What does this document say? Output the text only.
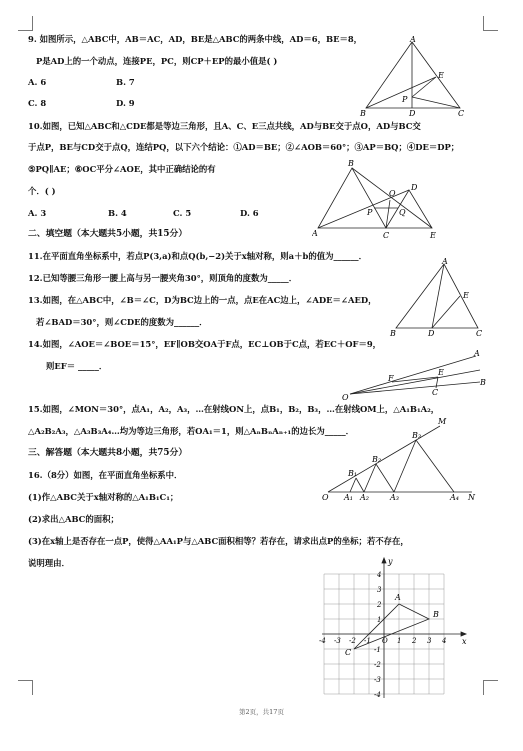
9. 如图所示，△ABC中，AB＝AC，AD，BE是△ABC的两条中线，AD＝6，BE＝8，
P是AD上的一个动点，连接PE，PC，则CP＋EP的最小值是( )
A. 6	B. 7
C. 8	D. 9
A
E
P
B	D	C
10.如图，已知△ABC和△CDE都是等边三角形，且A、C、E三点共线，AD与BE交于点O，AD与BC交
于点P，BE与CD交于点Q，连结PQ，以下六个结论：①AD＝BE；②∠AOB＝60°；③AP＝BQ；④DE＝DP；
⑤PQ∥AE；⑥OC平分∠AOE，其中正确结论的有
个．( )
A. 3	B. 4	C. 5	D. 6
B
D
O
P	Q
A	C	E
二、填空题（本大题共5小题，共15分）
11.在平面直角坐标系中，若点P(3,a)和点Q(b,−2)关于x轴对称，则a＋b的值为______．
12.已知等腰三角形一腰上高与另一腰夹角30°，则顶角的度数为_____．
13.如图，在△ABC中，∠B＝∠C，D为BC边上的一点，点E在AC边上，∠ADE＝∠AED，
若∠BAD＝30°，则∠CDE的度数为______．
A
E
B	D	C
14.如图，∠AOE＝∠BOE＝15°，EF∥OB交OA于F点，EC⊥OB于C点，若EC＋OF＝9，
则EF＝ _____．
A
E
F	B
O
C
15.如图，∠MON＝30°，点A₁，A₂，A₃，…在射线ON上，点B₁，B₂，B₃，…在射线OM上，△A₁B₁A₂，
△A₂B₂A₃，△A₃B₃A₄…均为等边三角形，若OA₁＝1，则△AₙBₙAₙ₊₁的边长为_____．
三、解答题（本大题共8小题，共75分）
M
B₃
B₂
B₁
O A₁ A₂	A₃	A₄ N
16.（8分）如图，在平面直角坐标系中．
(1)作△ABC关于x轴对称的△A₁B₁C₁；
(2)求出△ABC的面积；
(3)在x轴上是否存在一点P，使得△AA₁P与△ABC面积相等？若存在，请求出点P的坐标；若不存在，
说明理由．
x
y
-4 -3 -2 -1 O 1 2 3 4
4
3
2
1
-1
-2
-3
-4
A
B
C
第2页，共17页
